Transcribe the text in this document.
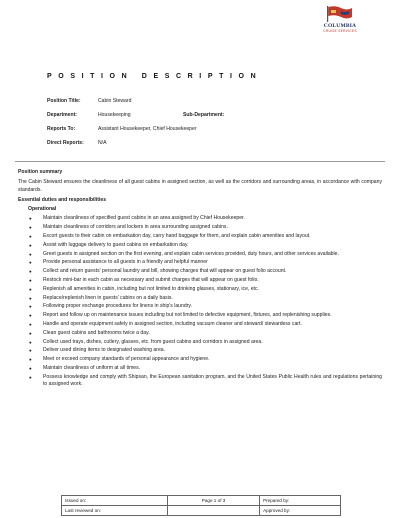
COLUMBIA
CRUISE SERVICES
POSITION DESCRIPTION
Position Title:	Cabin Steward
Department:	Housekeeping	Sub-Department:
Reports To:	Assistant Housekeeper, Chief Housekeeper
Direct Reports:	N/A

Position summary

The Cabin Steward ensures the cleanliness of all guest cabins in assigned section, as well as the corridors and surrounding areas, in accordance with company standards.

Essential duties and responsibilities

Operational

● Maintain cleanliness of specified guest cabins in an area assigned by Chief Housekeeper.
● Maintain cleanliness of corridors and lockers in area surrounding assigned cabins.
● Escort guests to their cabin on embarkation day, carry hand baggage for them, and explain cabin amenities and layout.
● Assist with luggage delivery to guest cabins on embarkation day.
● Greet guests in assigned section on the first evening, and explain cabin services provided, duty hours, and other services available.
● Provide personal assistance to all guests in a friendly and helpful manner
● Collect and return guests' personal laundry and bill, showing charges that will appear on guest folio account.
● Restock mini-bar in each cabin as necessary and submit charges that will appear on guest folio.
● Replenish all amenities in cabin, including but not limited to drinking glasses, stationary, ice, etc.
● Replace/replenish linen in guests' cabins on a daily basis.
● Following proper exchange procedures for linens in ship's laundry.
● Report and follow up on maintenance issues including but not limited to defective equipment, fixtures, and replenishing supplies.
● Handle and operate equipment safely in assigned section, including vacuum cleaner and steward/ stewardess cart.
● Clean guest cabins and bathrooms twice a day.
● Collect used trays, dishes, cutlery, glasses, etc. from guest cabins and corridors in assigned area.
● Deliver used dining items to designated washing area.
● Meet or exceed company standards of personal appearance and hygiene.
● Maintain cleanliness of uniform at all times.
● Possess knowledge and comply with Shipsan, the European sanitation program, and the United States Public Health rules and regulations pertaining to assigned work.
Issued on:	Page 1 of 3	Prepared by:
Last reviewed on:		Approved by:
